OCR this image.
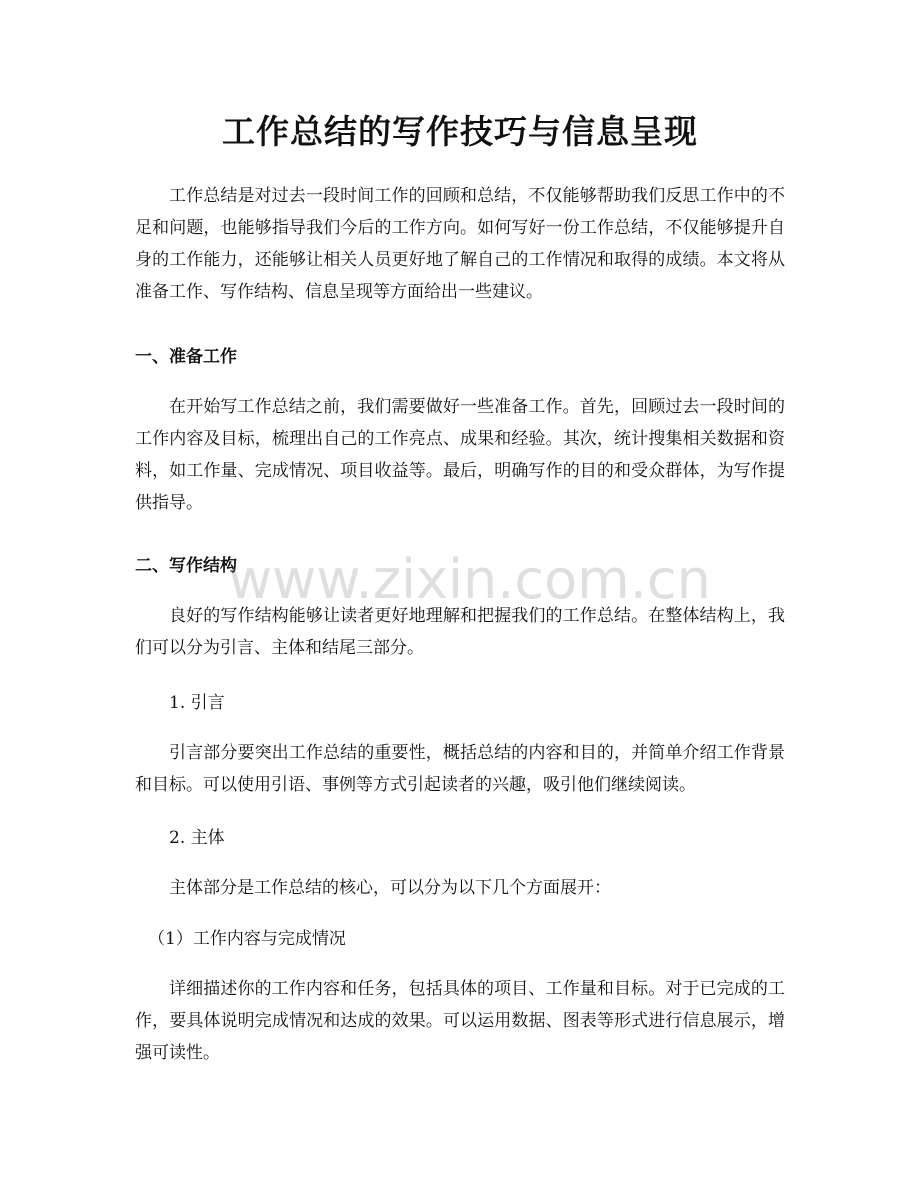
工作总结的写作技巧与信息呈现

工作总结是对过去一段时间工作的回顾和总结，不仅能够帮助我们反思工作中的不足和问题，也能够指导我们今后的工作方向。如何写好一份工作总结，不仅能够提升自身的工作能力，还能够让相关人员更好地了解自己的工作情况和取得的成绩。本文将从准备工作、写作结构、信息呈现等方面给出一些建议。

一、准备工作

在开始写工作总结之前，我们需要做好一些准备工作。首先，回顾过去一段时间的工作内容及目标，梳理出自己的工作亮点、成果和经验。其次，统计搜集相关数据和资料，如工作量、完成情况、项目收益等。最后，明确写作的目的和受众群体，为写作提供指导。

二、写作结构

良好的写作结构能够让读者更好地理解和把握我们的工作总结。在整体结构上，我们可以分为引言、主体和结尾三部分。

1. 引言

引言部分要突出工作总结的重要性，概括总结的内容和目的，并简单介绍工作背景和目标。可以使用引语、事例等方式引起读者的兴趣，吸引他们继续阅读。

2. 主体

主体部分是工作总结的核心，可以分为以下几个方面展开：

（1）工作内容与完成情况

详细描述你的工作内容和任务，包括具体的项目、工作量和目标。对于已完成的工作，要具体说明完成情况和达成的效果。可以运用数据、图表等形式进行信息展示，增强可读性。

www.zixin.com.cn
